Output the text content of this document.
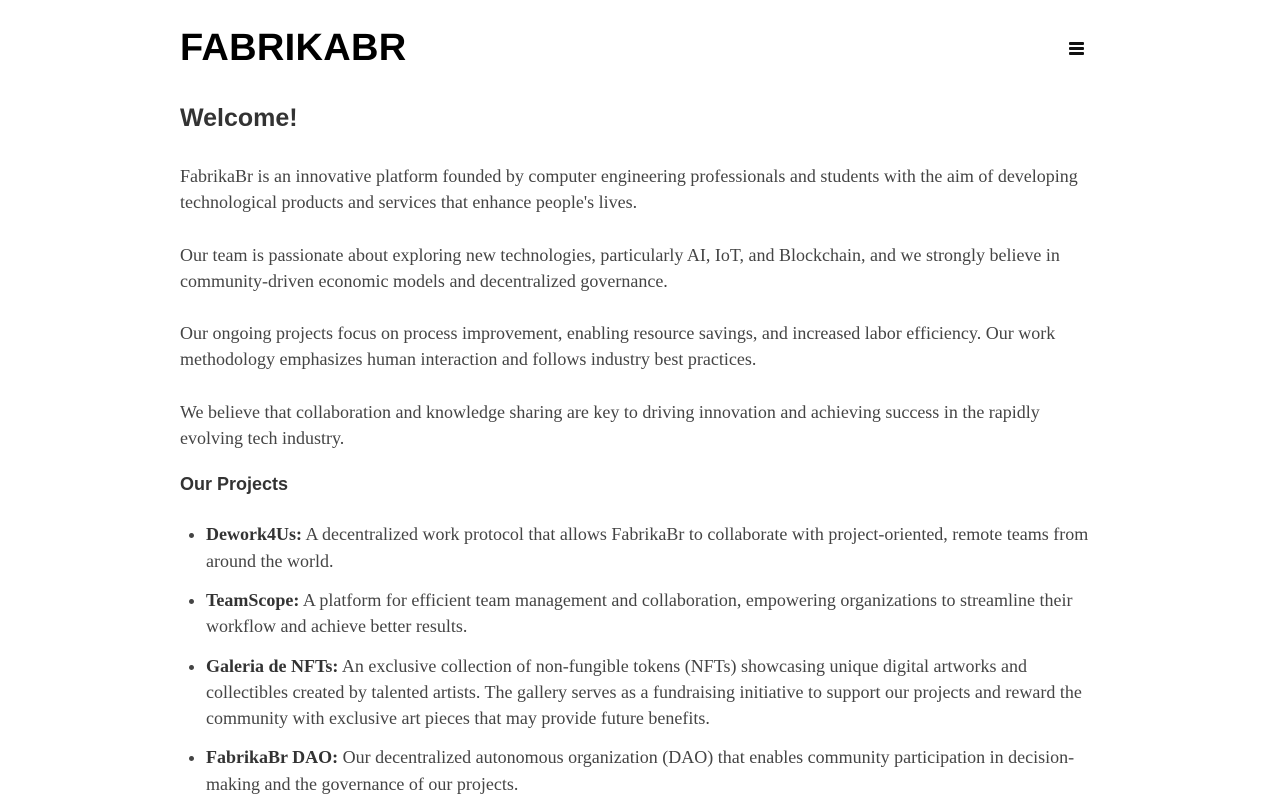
FABRIKABR
Welcome!

FabrikaBr is an innovative platform founded by computer engineering professionals and students with the aim of developing technological products and services that enhance people's lives.

Our team is passionate about exploring new technologies, particularly AI, IoT, and Blockchain, and we strongly believe in community-driven economic models and decentralized governance.

Our ongoing projects focus on process improvement, enabling resource savings, and increased labor efficiency. Our work methodology emphasizes human interaction and follows industry best practices.

We believe that collaboration and knowledge sharing are key to driving innovation and achieving success in the rapidly evolving tech industry.

Our Projects
• Dework4Us: A decentralized work protocol that allows FabrikaBr to collaborate with project-oriented, remote teams from around the world.
• TeamScope: A platform for efficient team management and collaboration, empowering organizations to streamline their workflow and achieve better results.
• Galeria de NFTs: An exclusive collection of non-fungible tokens (NFTs) showcasing unique digital artworks and collectibles created by talented artists. The gallery serves as a fundraising initiative to support our projects and reward the community with exclusive art pieces that may provide future benefits.
• FabrikaBr DAO: Our decentralized autonomous organization (DAO) that enables community participation in decision-making and the governance of our projects.
